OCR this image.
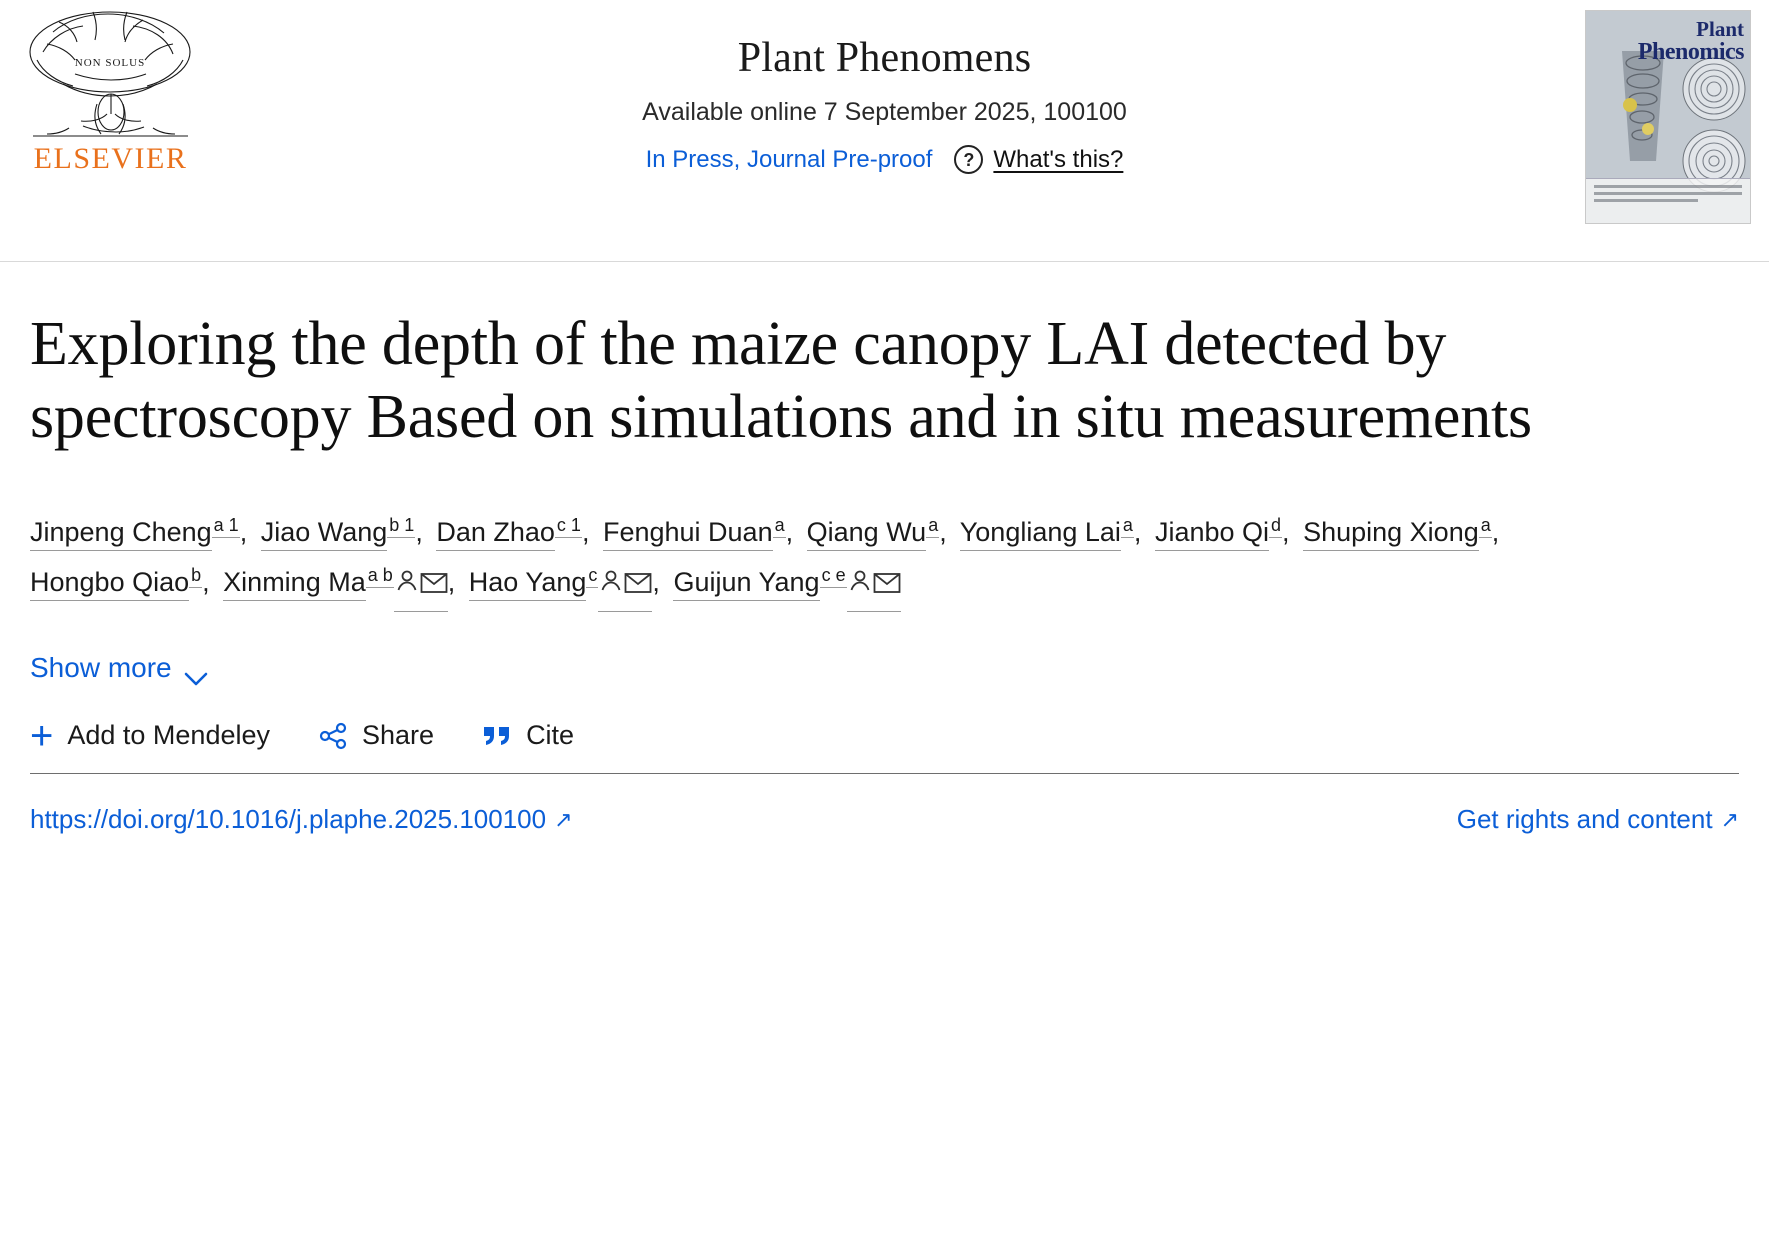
NON SOLUS
ELSEVIER
Plant Phenomens
Available online 7 September 2025, 100100
In Press, Journal Pre-proof	? What's this?
Plant
Phenomics
Exploring the depth of the maize canopy LAI detected by spectroscopy Based on simulations and in situ measurements
Jinpeng Cheng $^{a 1}$, Jiao Wang $^{b 1}$, Dan Zhao $^{c 1}$, Fenghui Duan $^a$, Qiang Wu $^a$, Yongliang Lai $^a$, Jianbo Qi $^d$, Shuping Xiong $^a$, Hongbo Qiao $^b$, Xinming Ma $^{a b}$ , Hao Yang $^c$ , Guijun Yang $^{c e}$
Show more
+ Add to Mendeley	Share	Cite
https://doi.org/10.1016/j.plaphe.2025.100100 ↗	Get rights and content ↗
